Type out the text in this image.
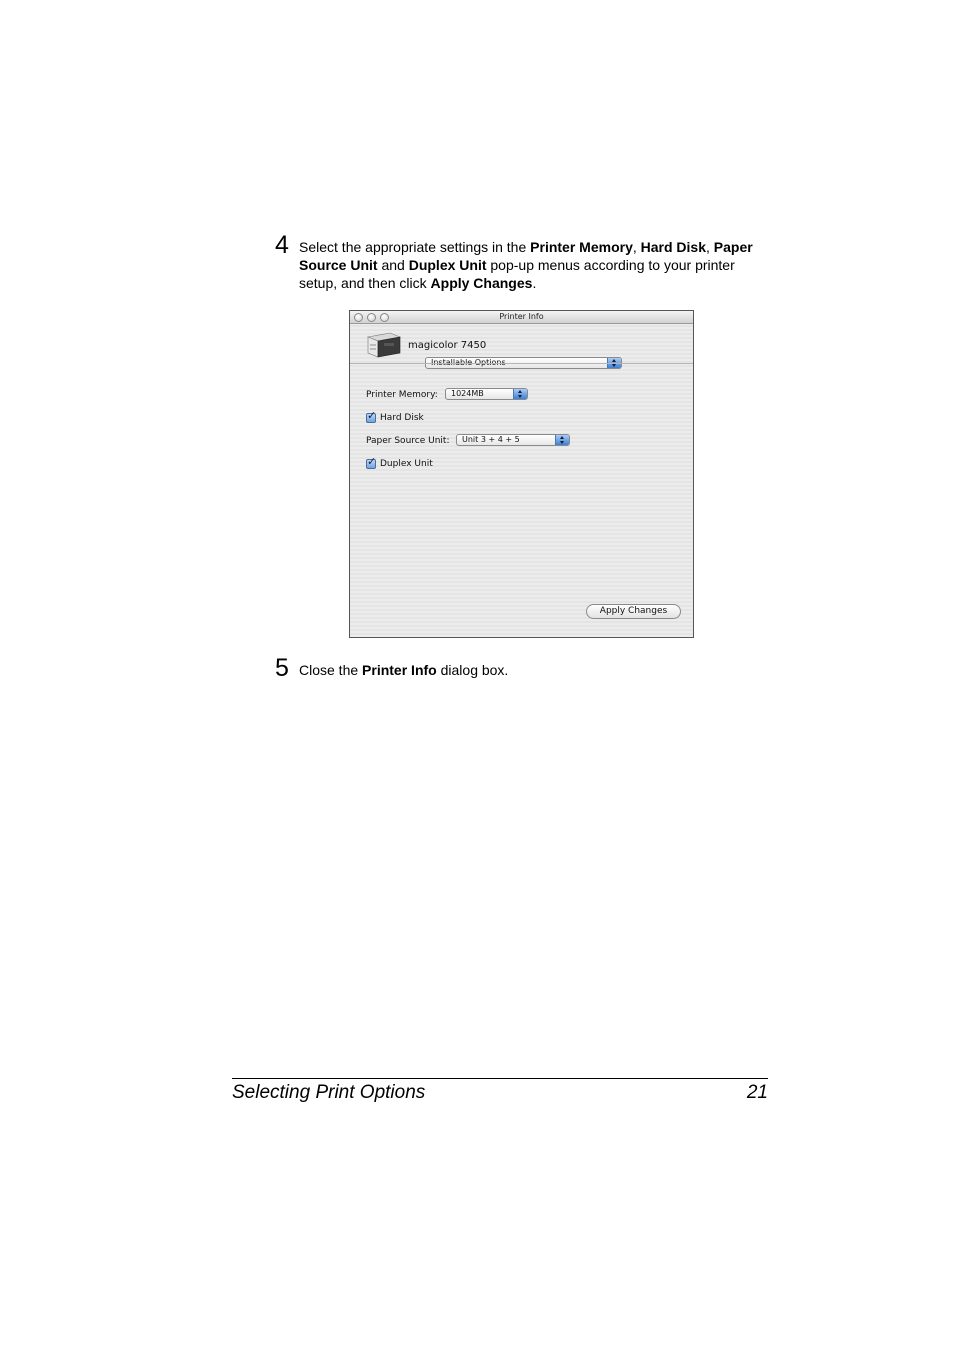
4 Select the appropriate settings in the Printer Memory, Hard Disk, Paper Source Unit and Duplex Unit pop-up menus according to your printer setup, and then click Apply Changes.
Printer Info
magicolor 7450
Printer Memory: 1024MB
✓ Hard Disk
Paper Source Unit: Unit 3 + 4 + 5
✓ Duplex Unit
Apply Changes
5 Close the Printer Info dialog box.
Selecting Print Options	21
